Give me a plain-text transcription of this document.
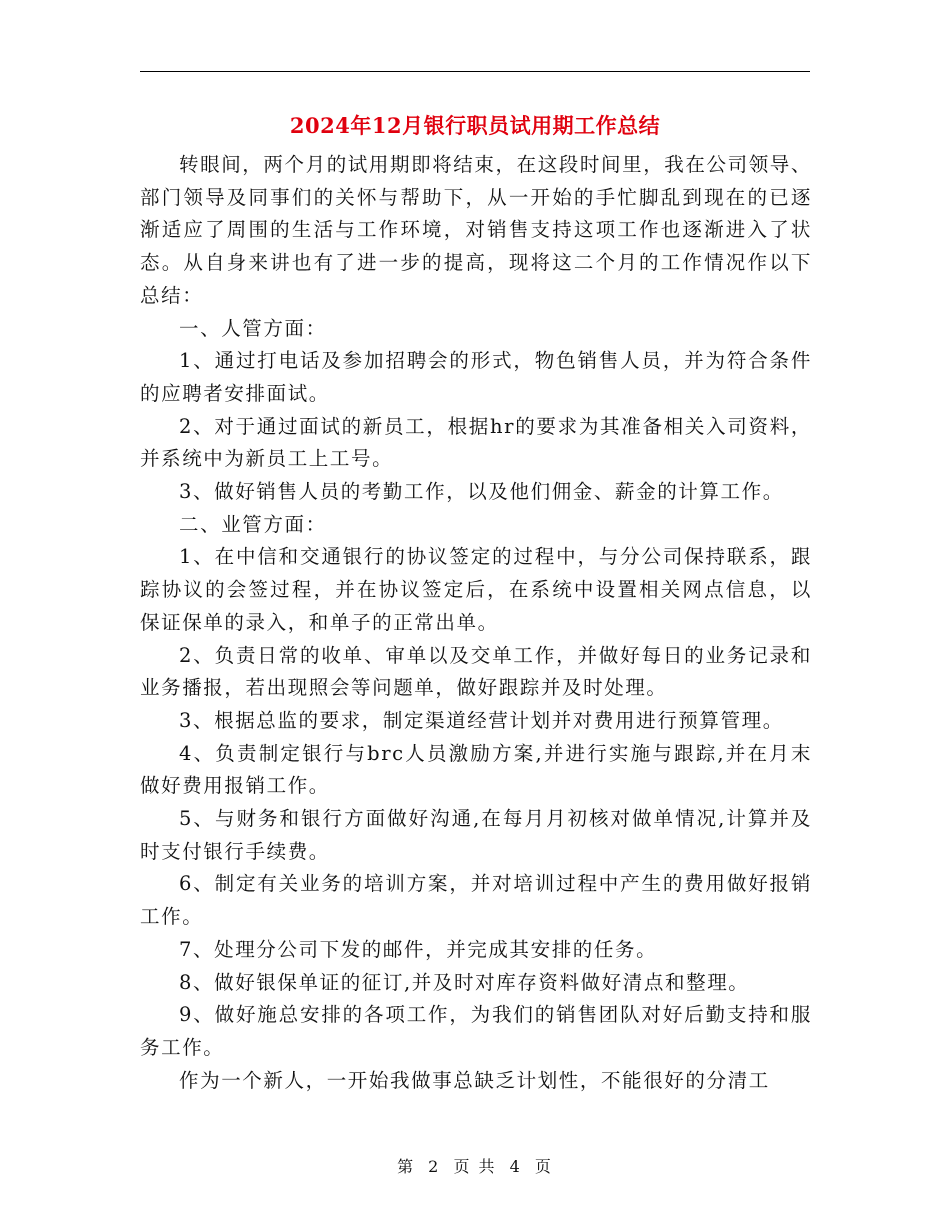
2024年12月银行职员试用期工作总结

转眼间，两个月的试用期即将结束，在这段时间里，我在公司领导、部门领导及同事们的关怀与帮助下，从一开始的手忙脚乱到现在的已逐渐适应了周围的生活与工作环境，对销售支持这项工作也逐渐进入了状态。从自身来讲也有了进一步的提高，现将这二个月的工作情况作以下总结：

一、人管方面：

1、通过打电话及参加招聘会的形式，物色销售人员，并为符合条件的应聘者安排面试。

2、对于通过面试的新员工，根据hr的要求为其准备相关入司资料，并系统中为新员工上工号。

3、做好销售人员的考勤工作，以及他们佣金、薪金的计算工作。

二、业管方面：

1、在中信和交通银行的协议签定的过程中，与分公司保持联系，跟踪协议的会签过程，并在协议签定后，在系统中设置相关网点信息，以保证保单的录入，和单子的正常出单。

2、负责日常的收单、审单以及交单工作，并做好每日的业务记录和业务播报，若出现照会等问题单，做好跟踪并及时处理。

3、根据总监的要求，制定渠道经营计划并对费用进行预算管理。

4、负责制定银行与brc人员激励方案,并进行实施与跟踪,并在月末做好费用报销工作。

5、与财务和银行方面做好沟通,在每月月初核对做单情况,计算并及时支付银行手续费。

6、制定有关业务的培训方案，并对培训过程中产生的费用做好报销工作。

7、处理分公司下发的邮件，并完成其安排的任务。

8、做好银保单证的征订,并及时对库存资料做好清点和整理。

9、做好施总安排的各项工作，为我们的销售团队对好后勤支持和服务工作。

作为一个新人，一开始我做事总缺乏计划性，不能很好的分清工

第 2 页 共 4 页
